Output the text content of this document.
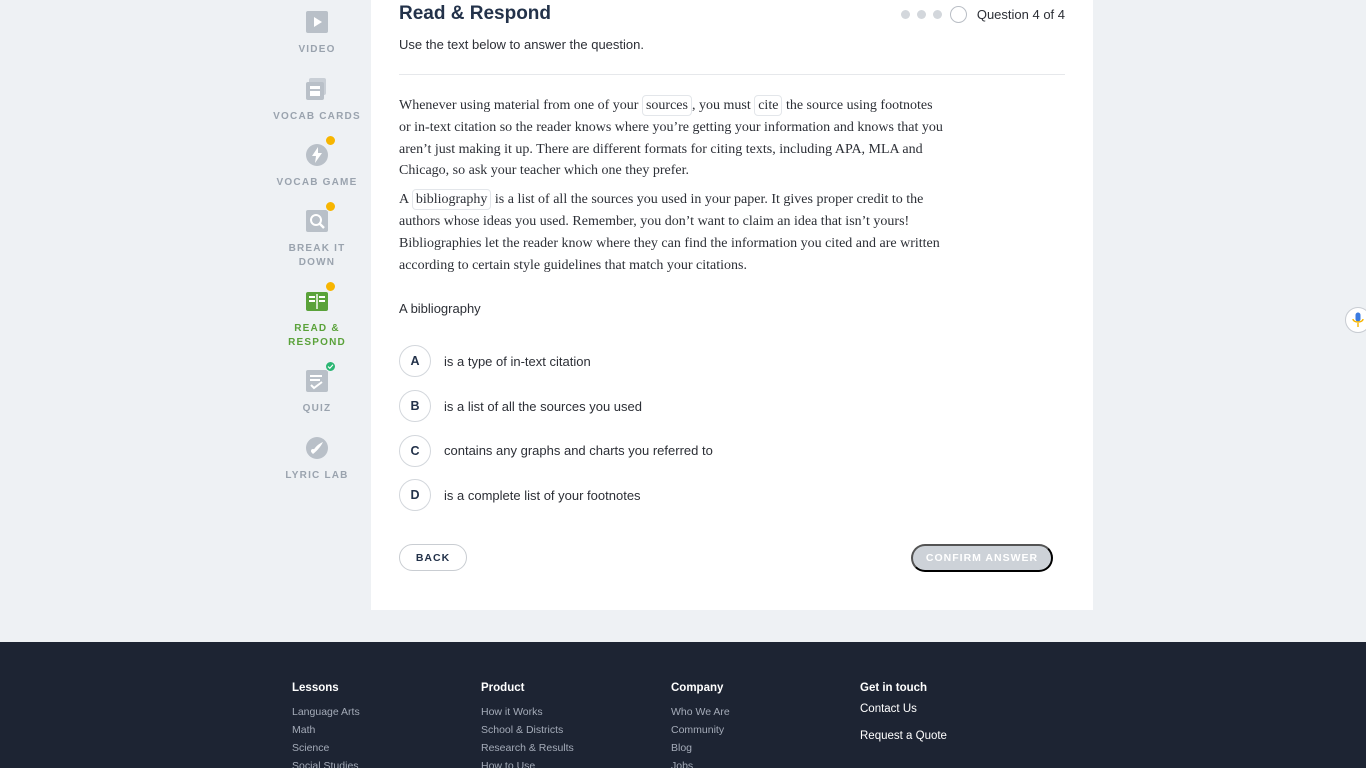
VIDEO
VOCAB CARDS
VOCAB GAME
BREAK IT DOWN
READ & RESPOND
QUIZ
LYRIC LAB
Read & Respond
Use the text below to answer the question.
Question 4 of 4

Whenever using material from one of your sources , you must cite the source using footnotes or in-text citation so the reader knows where you’re getting your information and knows that you aren’t just making it up. There are different formats for citing texts, including APA, MLA and Chicago, so ask your teacher which one they prefer.

A bibliography is a list of all the sources you used in your paper. It gives proper credit to the authors whose ideas you used. Remember, you don’t want to claim an idea that isn’t yours! Bibliographies let the reader know where they can find the information you cited and are written according to certain style guidelines that match your citations.

A bibliography
A	is a type of in-text citation
B	is a list of all the sources you used
C	contains any graphs and charts you referred to
D	is a complete list of your footnotes
BACK	CONFIRM ANSWER
Lessons
Language Arts
Math
Science
Social Studies
Product
How it Works
School & Districts
Research & Results
How to Use
Company
Who We Are
Community
Blog
Jobs
Get in touch
Contact Us
Request a Quote
